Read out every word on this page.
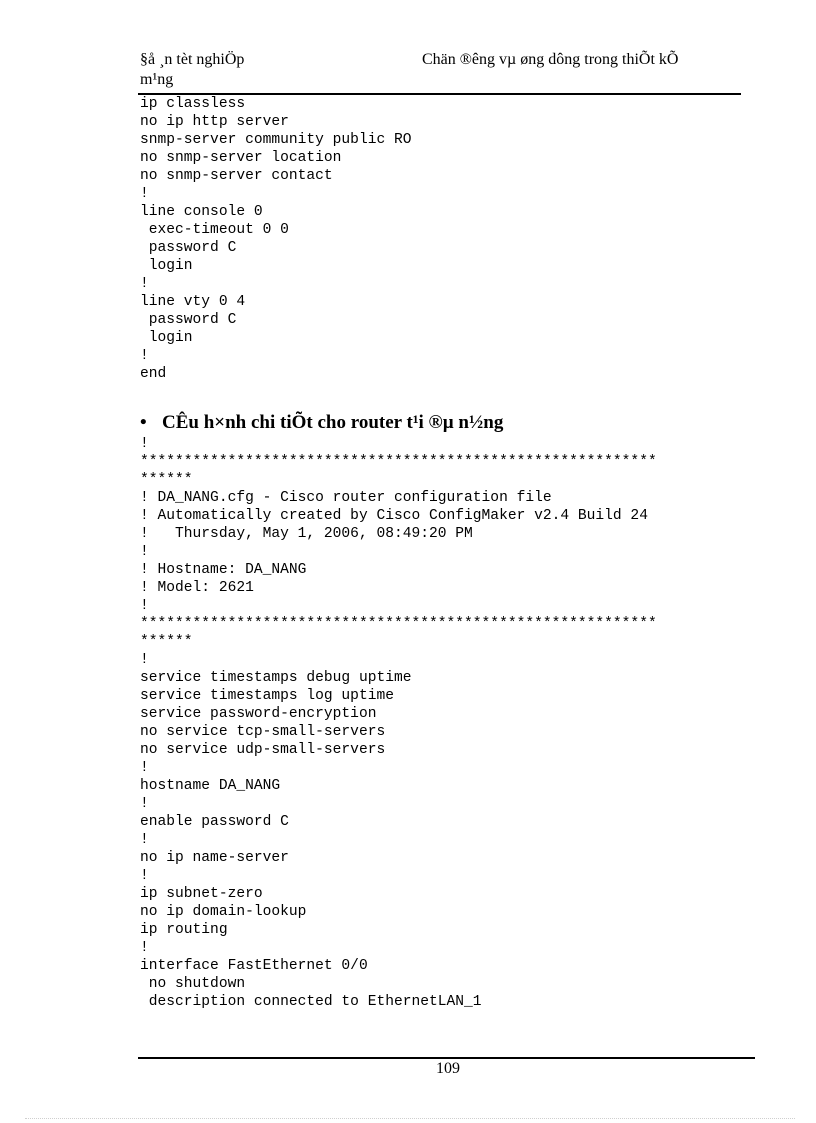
§å ¸n tèt nghiÖp
m¹ng
Chän ®êng vµ øng dông trong thiÕt kÕ
ip classless
no ip http server
snmp-server community public RO
no snmp-server location
no snmp-server contact
!
line console 0
exec-timeout 0 0
password C
login
!
line vty 0 4
password C
login
!
end
• CÊu h×nh chi tiÕt cho router t¹i ®µ n½ng
!
***********************************************************
******
! DA_NANG.cfg - Cisco router configuration file
! Automatically created by Cisco ConfigMaker v2.4 Build 24
!   Thursday, May 1, 2006, 08:49:20 PM
!
! Hostname: DA_NANG
! Model: 2621
!
***********************************************************
******
!
service timestamps debug uptime
service timestamps log uptime
service password-encryption
no service tcp-small-servers
no service udp-small-servers
!
hostname DA_NANG
!
enable password C
!
no ip name-server
!
ip subnet-zero
no ip domain-lookup
ip routing
!
interface FastEthernet 0/0
no shutdown
description connected to EthernetLAN_1
109
